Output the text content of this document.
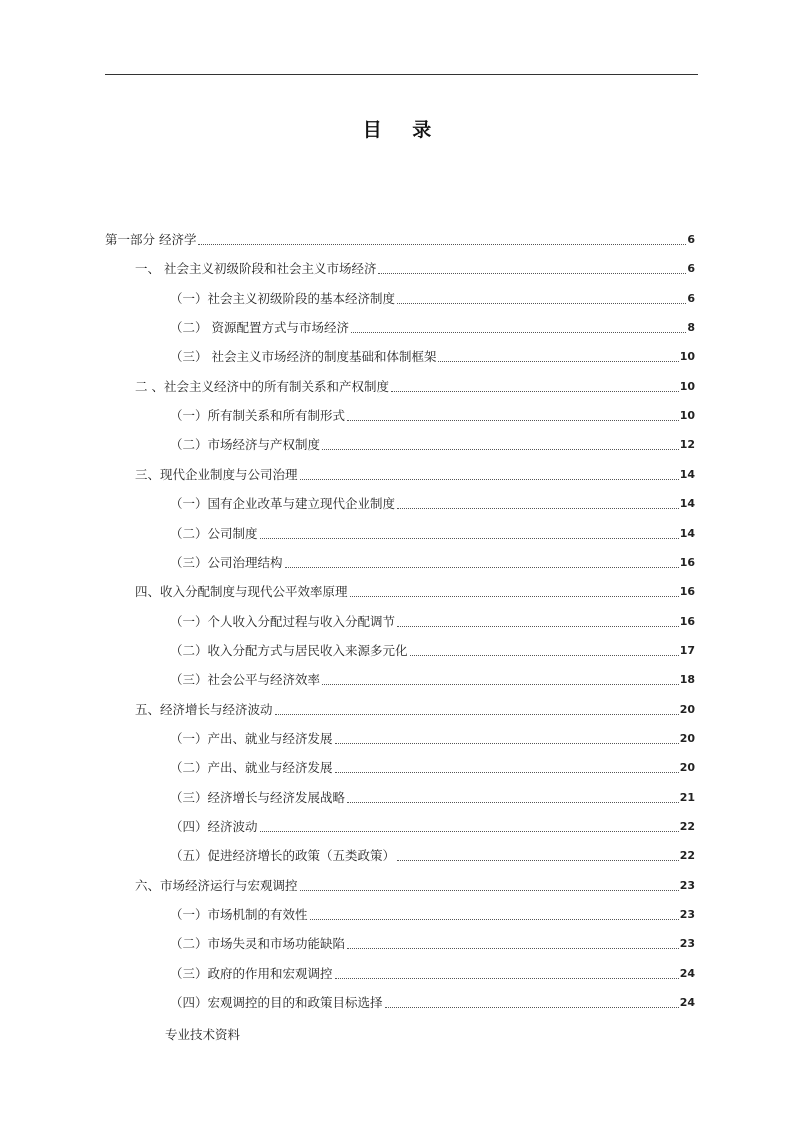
目 录
第一部分 经济学	6
一、 社会主义初级阶段和社会主义市场经济	6
（一）社会主义初级阶段的基本经济制度	6
（二） 资源配置方式与市场经济	8
（三） 社会主义市场经济的制度基础和体制框架	10
二 、社会主义经济中的所有制关系和产权制度	10
（一）所有制关系和所有制形式	10
（二）市场经济与产权制度	12
三、现代企业制度与公司治理	14
（一）国有企业改革与建立现代企业制度	14
（二）公司制度	14
（三）公司治理结构	16
四、收入分配制度与现代公平效率原理	16
（一）个人收入分配过程与收入分配调节	16
（二）收入分配方式与居民收入来源多元化	17
（三）社会公平与经济效率	18
五、经济增长与经济波动	20
（一）产出、就业与经济发展	20
（二）产出、就业与经济发展	20
（三）经济增长与经济发展战略	21
（四）经济波动	22
（五）促进经济增长的政策（五类政策）	22
六、市场经济运行与宏观调控	23
（一）市场机制的有效性	23
（二）市场失灵和市场功能缺陷	23
（三）政府的作用和宏观调控	24
（四）宏观调控的目的和政策目标选择	24
专业技术资料
